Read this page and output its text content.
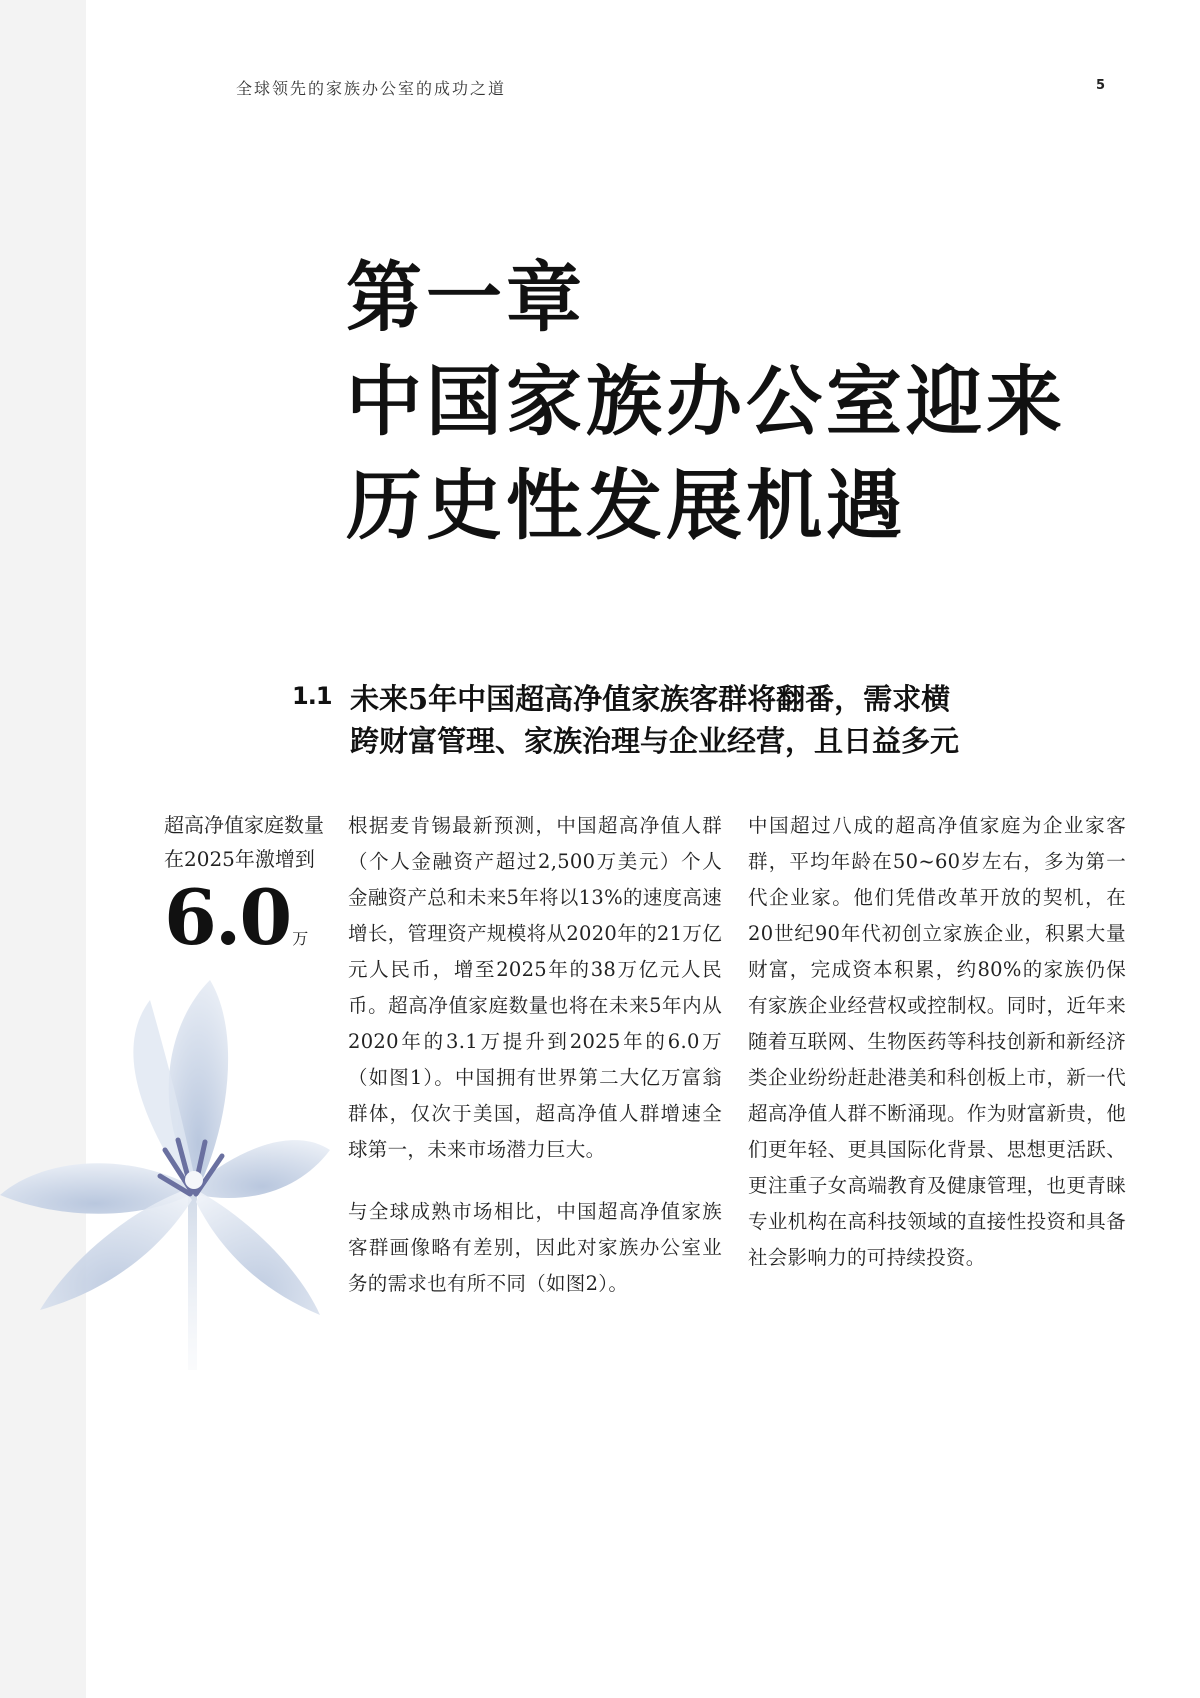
全球领先的家族办公室的成功之道	5
第一章
中国家族办公室迎来
历史性发展机遇
1.1 未来5年中国超高净值家族客群将翻番，需求横
跨财富管理、家族治理与企业经营，且日益多元
超高净值家庭数量在2025年激增到
6.0 万

根据麦肯锡最新预测，中国超高净值人群（个人金融资产超过2,500万美元）个人金融资产总和未来5年将以13%的速度高速增长，管理资产规模将从2020年的21万亿元人民币，增至2025年的38万亿元人民币。超高净值家庭数量也将在未来5年内从2020年的3.1万提升到2025年的6.0万（如图1）。中国拥有世界第二大亿万富翁群体，仅次于美国，超高净值人群增速全球第一，未来市场潜力巨大。

与全球成熟市场相比，中国超高净值家族客群画像略有差别，因此对家族办公室业务的需求也有所不同（如图2）。

中国超过八成的超高净值家庭为企业家客群，平均年龄在50~60岁左右，多为第一代企业家。他们凭借改革开放的契机，在20世纪90年代初创立家族企业，积累大量财富，完成资本积累，约80%的家族仍保有家族企业经营权或控制权。同时，近年来随着互联网、生物医药等科技创新和新经济类企业纷纷赶赴港美和科创板上市，新一代超高净值人群不断涌现。作为财富新贵，他们更年轻、更具国际化背景、思想更活跃、更注重子女高端教育及健康管理，也更青睐专业机构在高科技领域的直接性投资和具备社会影响力的可持续投资。
